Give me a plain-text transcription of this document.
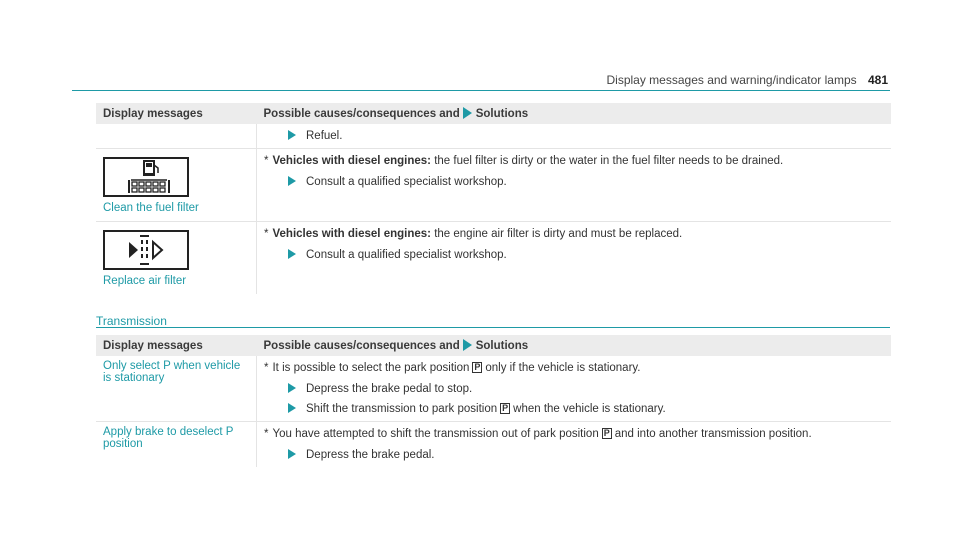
Display messages and warning/indicator lamps 481
Display messages	Possible causes/consequences and Solutions

	Refuel.

Clean the fuel filter	* Vehicles with diesel engines: the fuel filter is dirty or the water in the fuel filter needs to be drained.
Consult a qualified specialist workshop.

Replace air filter	* Vehicles with diesel engines: the engine air filter is dirty and must be replaced.
Consult a qualified specialist workshop.
Transmission
Display messages	Possible causes/consequences and Solutions
Only select P when vehicle is stationary	* It is possible to select the park position P only if the vehicle is stationary.
Depress the brake pedal to stop.
Shift the transmission to park position P when the vehicle is stationary.

Apply brake to deselect P position	* You have attempted to shift the transmission out of park position P and into another transmission position.
Depress the brake pedal.
